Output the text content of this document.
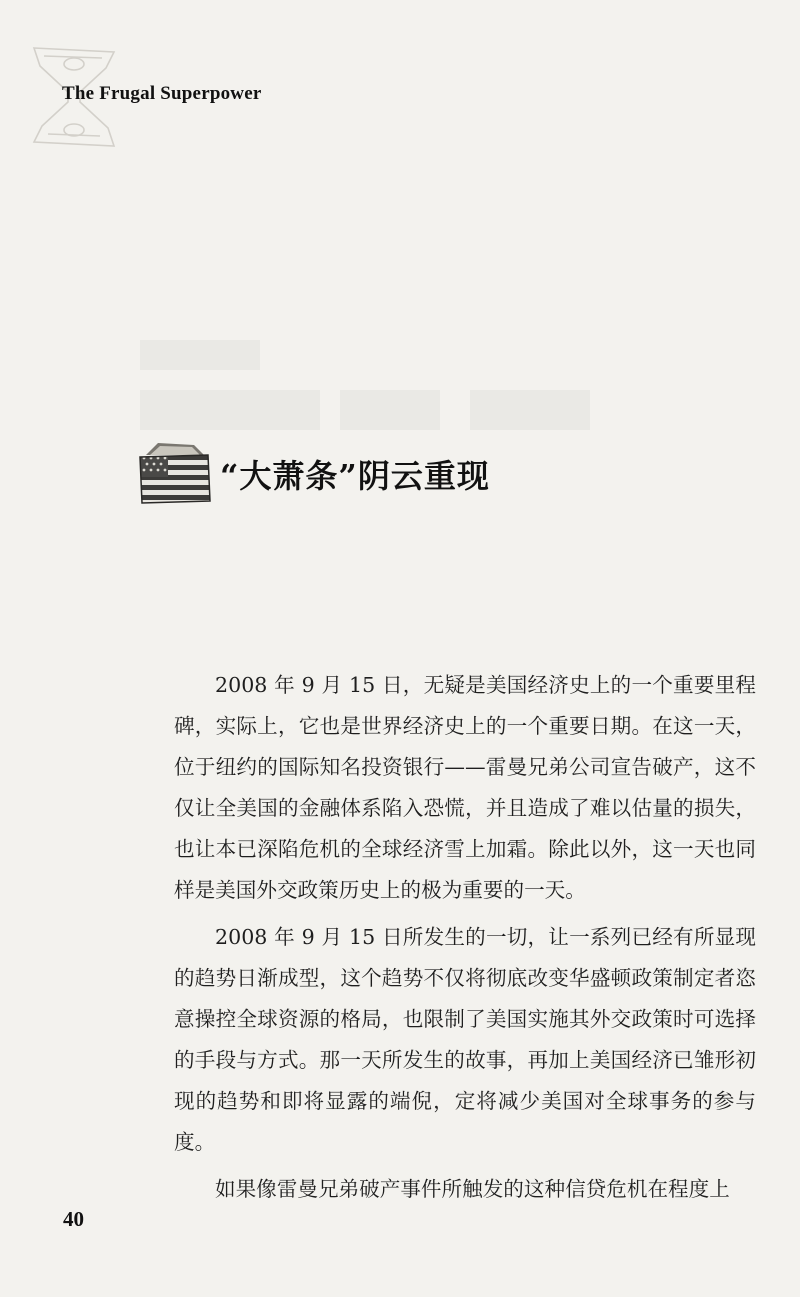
The Frugal Superpower
“大萧条”阴云重现

2008 年 9 月 15 日，无疑是美国经济史上的一个重要里程碑，实际上，它也是世界经济史上的一个重要日期。在这一天，位于纽约的国际知名投资银行——雷曼兄弟公司宣告破产，这不仅让全美国的金融体系陷入恐慌，并且造成了难以估量的损失，也让本已深陷危机的全球经济雪上加霜。除此以外，这一天也同样是美国外交政策历史上的极为重要的一天。

2008 年 9 月 15 日所发生的一切，让一系列已经有所显现的趋势日渐成型，这个趋势不仅将彻底改变华盛顿政策制定者恣意操控全球资源的格局，也限制了美国实施其外交政策时可选择的手段与方式。那一天所发生的故事，再加上美国经济已雏形初现的趋势和即将显露的端倪，定将减少美国对全球事务的参与度。

如果像雷曼兄弟破产事件所触发的这种信贷危机在程度上

40
